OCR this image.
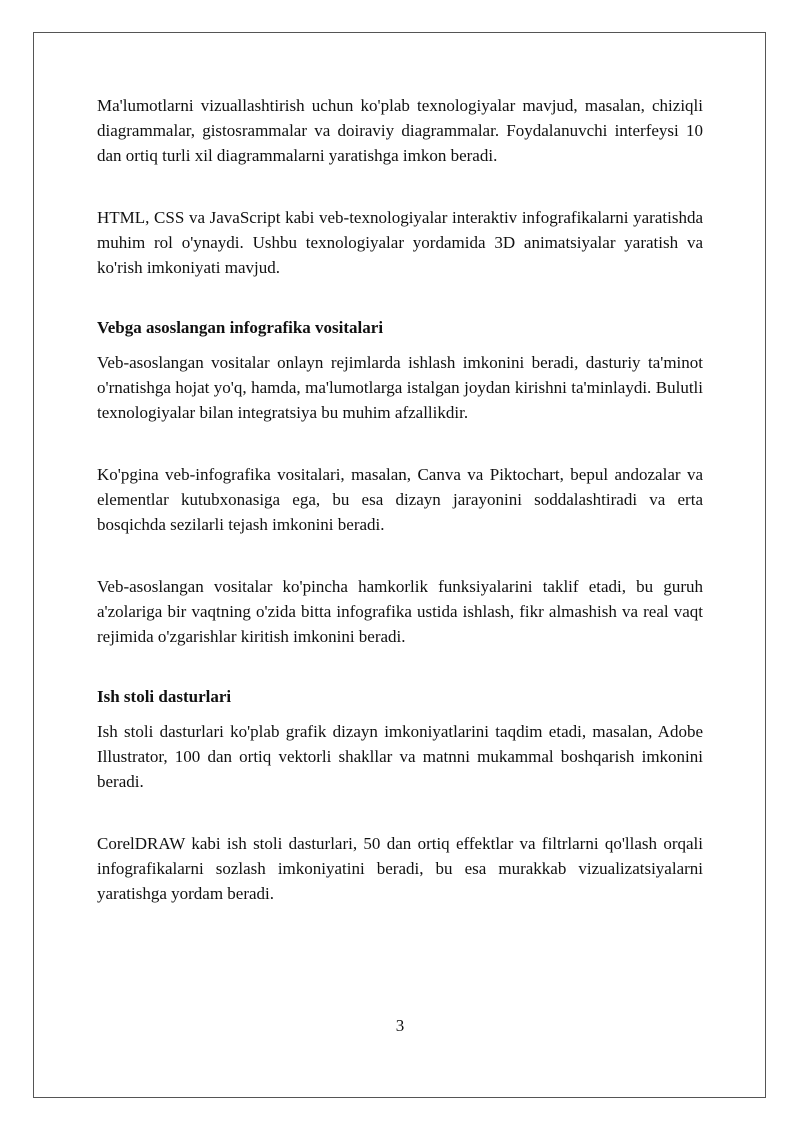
Ma'lumotlarni vizuallashtirish uchun ko'plab texnologiyalar mavjud, masalan, chiziqli diagrammalar, gistosrammalar va doiraviy diagrammalar. Foydalanuvchi interfeysi 10 dan ortiq turli xil diagrammalarni yaratishga imkon beradi.

HTML, CSS va JavaScript kabi veb-texnologiyalar interaktiv infografikalarni yaratishda muhim rol o'ynaydi. Ushbu texnologiyalar yordamida 3D animatsiyalar yaratish va ko'rish imkoniyati mavjud.

Vebga asoslangan infografika vositalari

Veb-asoslangan vositalar onlayn rejimlarda ishlash imkonini beradi, dasturiy ta'minot o'rnatishga hojat yo'q, hamda, ma'lumotlarga istalgan joydan kirishni ta'minlaydi. Bulutli texnologiyalar bilan integratsiya bu muhim afzallikdir.

Ko'pgina veb-infografika vositalari, masalan, Canva va Piktochart, bepul andozalar va elementlar kutubxonasiga ega, bu esa dizayn jarayonini soddalashtiradi va erta bosqichda sezilarli tejash imkonini beradi.

Veb-asoslangan vositalar ko'pincha hamkorlik funksiyalarini taklif etadi, bu guruh a'zolariga bir vaqtning o'zida bitta infografika ustida ishlash, fikr almashish va real vaqt rejimida o'zgarishlar kiritish imkonini beradi.

Ish stoli dasturlari

Ish stoli dasturlari ko'plab grafik dizayn imkoniyatlarini taqdim etadi, masalan, Adobe Illustrator, 100 dan ortiq vektorli shakllar va matnni mukammal boshqarish imkonini beradi.

CorelDRAW kabi ish stoli dasturlari, 50 dan ortiq effektlar va filtrlarni qo'llash orqali infografikalarni sozlash imkoniyatini beradi, bu esa murakkab vizualizatsiyalarni yaratishga yordam beradi.

3
